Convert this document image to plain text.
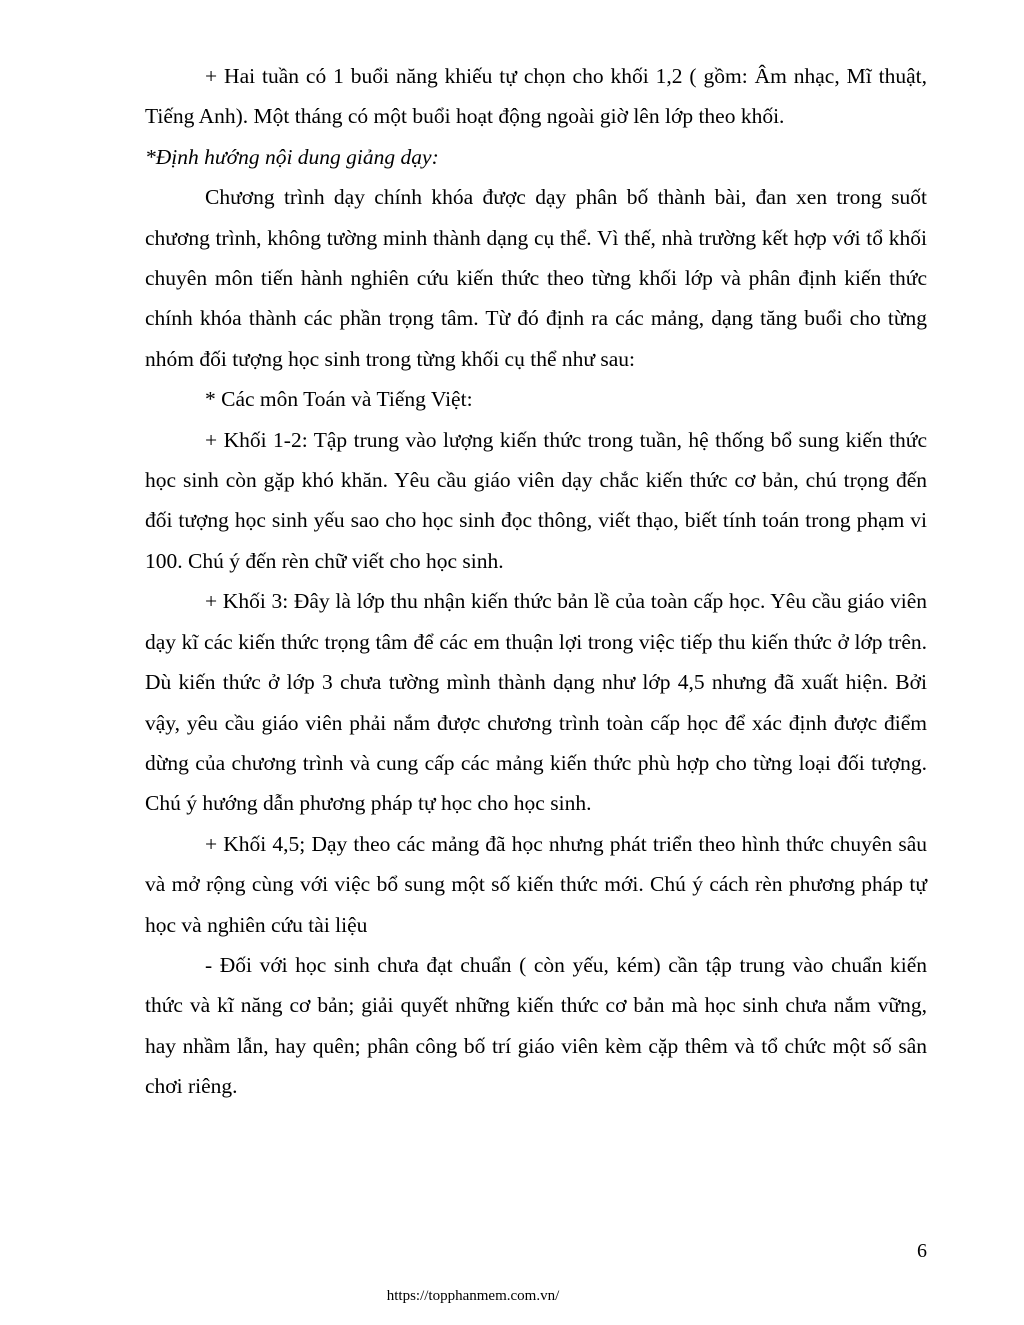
+ Hai tuần có 1 buổi năng khiếu tự chọn cho khối 1,2 ( gồm: Âm nhạc, Mĩ thuật, Tiếng Anh). Một tháng có một buổi hoạt động ngoài giờ lên lớp theo khối.

*Định hướng nội dung giảng dạy:

Chương trình dạy chính khóa được dạy phân bố thành bài, đan xen trong suốt chương trình, không tường minh thành dạng cụ thể. Vì thế, nhà trường kết hợp với tổ khối chuyên môn tiến hành nghiên cứu kiến thức theo từng khối lớp và phân định kiến thức chính khóa thành các phần trọng tâm. Từ đó định ra các mảng, dạng tăng buổi cho từng nhóm đối tượng học sinh trong từng khối cụ thể như sau:

* Các môn Toán và Tiếng Việt:

+ Khối 1-2: Tập trung vào lượng kiến thức trong tuần, hệ thống bổ sung kiến thức học sinh còn gặp khó khăn. Yêu cầu giáo viên dạy chắc kiến thức cơ bản, chú trọng đến đối tượng học sinh yếu sao cho học sinh đọc thông, viết thạo, biết tính toán trong phạm vi 100. Chú ý đến rèn chữ viết cho học sinh.

+ Khối 3: Đây là lớp thu nhận kiến thức bản lề của toàn cấp học. Yêu cầu giáo viên dạy kĩ các kiến thức trọng tâm để các em thuận lợi trong việc tiếp thu kiến thức ở lớp trên. Dù kiến thức ở lớp 3 chưa tường mình thành dạng như lớp 4,5 nhưng đã xuất hiện. Bởi vậy, yêu cầu giáo viên phải nắm được chương trình toàn cấp học để xác định được điểm dừng của chương trình và cung cấp các mảng kiến thức phù hợp cho từng loại đối tượng. Chú ý hướng dẫn phương pháp tự học cho học sinh.

+ Khối 4,5; Dạy theo các mảng đã học nhưng phát triển theo hình thức chuyên sâu và mở rộng cùng với việc bổ sung một số kiến thức mới. Chú ý cách rèn phương pháp tự học và nghiên cứu tài liệu

- Đối với học sinh chưa đạt chuẩn ( còn yếu, kém) cần tập trung vào chuẩn kiến thức và kĩ năng cơ bản; giải quyết những kiến thức cơ bản mà học sinh chưa nắm vững, hay nhầm lẫn, hay quên; phân công bố trí giáo viên kèm cặp thêm và tổ chức một số sân chơi riêng.

6
https://topphanmem.com.vn/
